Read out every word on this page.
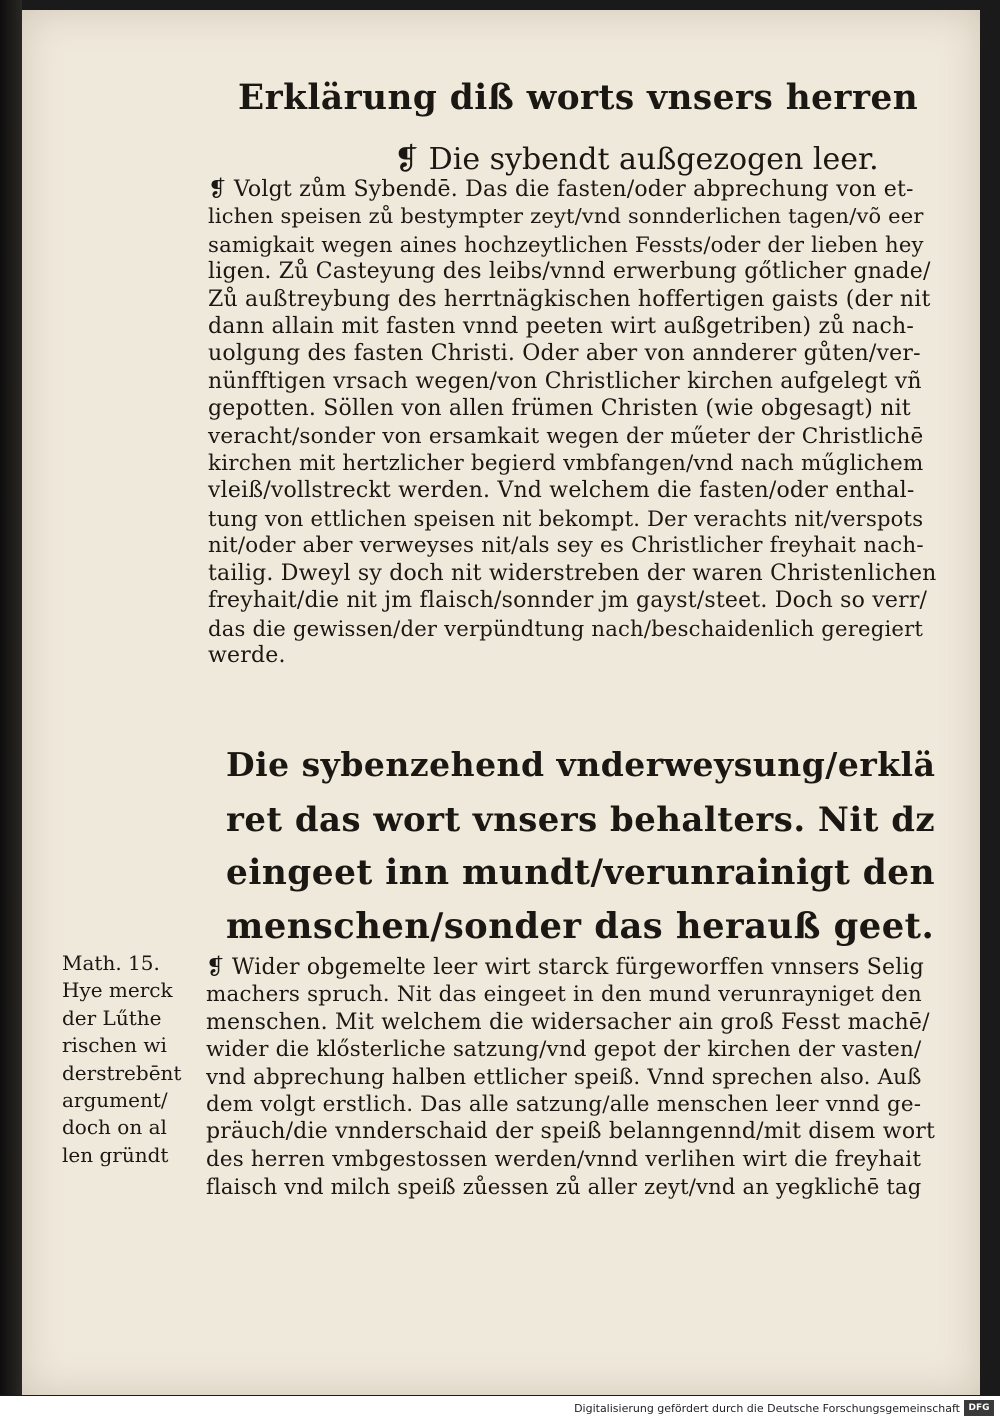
Erklärung diß worts vnsers herren
❡ Die sybendt außgezogen leer.
❡ Volgt zům Sybendē. Das die fasten/oder abprechung von et-
lichen speisen zů bestympter zeyt/vnd sonnderlichen tagen/võ eer
samigkait wegen aines hochzeytlichen Fessts/oder der lieben hey
ligen. Zů Casteyung des leibs/vnnd erwerbung gőtlicher gnade/
Zů außtreybung des herrtnägkischen hoffertigen gaists (der nit
dann allain mit fasten vnnd peeten wirt außgetriben) zů nach-
uolgung des fasten Christi. Oder aber von annderer gůten/ver-
nünfftigen vrsach wegen/von Christlicher kirchen aufgelegt vñ
gepotten. Söllen von allen frümen Christen (wie obgesagt) nit
veracht/sonder von ersamkait wegen der műeter der Christlichē
kirchen mit hertzlicher begierd vmbfangen/vnd nach műglichem
vleiß/vollstreckt werden. Vnd welchem die fasten/oder enthal-
tung von ettlichen speisen nit bekompt. Der verachts nit/verspots
nit/oder aber verweyses nit/als sey es Christlicher freyhait nach-
tailig. Dweyl sy doch nit widerstreben der waren Christenlichen
freyhait/die nit jm flaisch/sonnder jm gayst/steet. Doch so verr/
das die gewissen/der verpündtung nach/beschaidenlich geregiert
werde.
Die sybenzehend vnderweysung/erklä
ret das wort vnsers behalters. Nit dz
eingeet inn mundt/verunrainigt den
menschen/sonder das herauß geet.
Math. 15.
Hye merck
der Lűthe
rischen wi
derstrebēnt
argument/
doch on al
len gründt
❡ Wider obgemelte leer wirt starck fürgeworffen vnnsers Selig
machers spruch. Nit das eingeet in den mund verunrayniget den
menschen. Mit welchem die widersacher ain groß Fesst machē/
wider die klősterliche satzung/vnd gepot der kirchen der vasten/
vnd abprechung halben ettlicher speiß. Vnnd sprechen also. Auß
dem volgt erstlich. Das alle satzung/alle menschen leer vnnd ge-
präuch/die vnnderschaid der speiß belanngennd/mit disem wort
des herren vmbgestossen werden/vnnd verlihen wirt die freyhait
flaisch vnd milch speiß zůessen zů aller zeyt/vnd an yegklichē tag
Digitalisierung gefördert durch die Deutsche Forschungsgemeinschaft DFG
